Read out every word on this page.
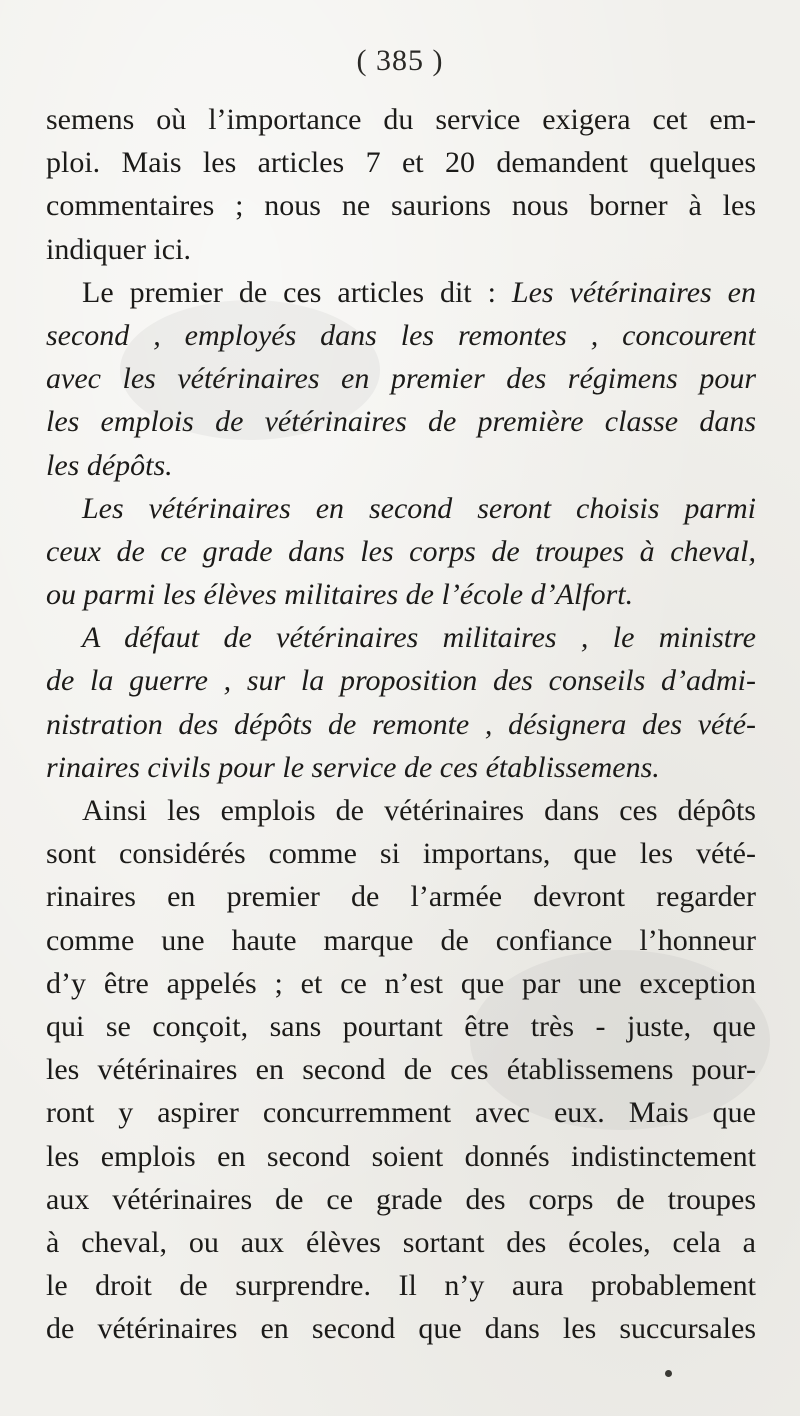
( 385 )
semens où l’importance du service exigera cet em-
ploi. Mais les articles 7 et 20 demandent quelques
commentaires ; nous ne saurions nous borner à les
indiquer ici.
Le premier de ces articles dit : Les vétérinaires en
second , employés dans les remontes , concourent
avec les vétérinaires en premier des régimens pour
les emplois de vétérinaires de première classe dans
les dépôts.
Les vétérinaires en second seront choisis parmi
ceux de ce grade dans les corps de troupes à cheval,
ou parmi les élèves militaires de l’école d’Alfort.
A défaut de vétérinaires militaires , le ministre
de la guerre , sur la proposition des conseils d’admi-
nistration des dépôts de remonte , désignera des vété-
rinaires civils pour le service de ces établissemens.
Ainsi les emplois de vétérinaires dans ces dépôts
sont considérés comme si importans, que les vété-
rinaires en premier de l’armée devront regarder
comme une haute marque de confiance l’honneur
d’y être appelés ; et ce n’est que par une exception
qui se conçoit, sans pourtant être très - juste, que
les vétérinaires en second de ces établissemens pour-
ront y aspirer concurremment avec eux. Mais que
les emplois en second soient donnés indistinctement
aux vétérinaires de ce grade des corps de troupes
à cheval, ou aux élèves sortant des écoles, cela a
le droit de surprendre. Il n’y aura probablement
de vétérinaires en second que dans les succursales
